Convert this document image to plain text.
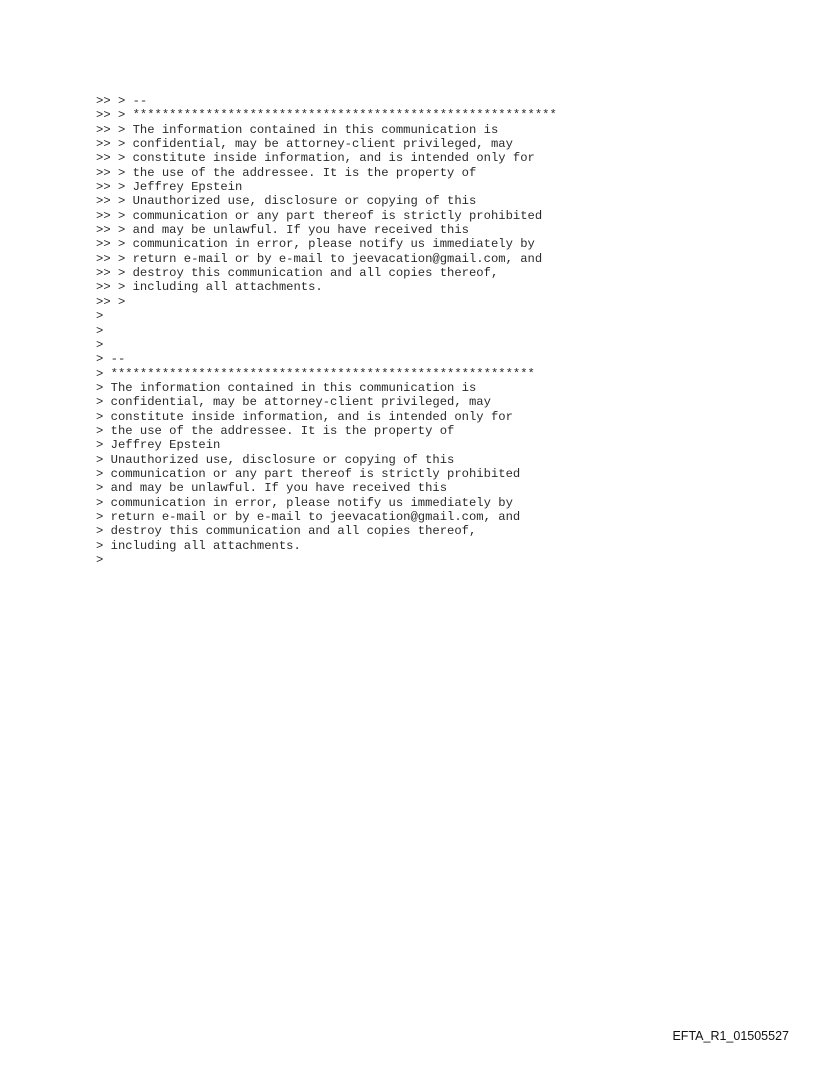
>> > --
>> > **********************************************************
>> > The information contained in this communication is
>> > confidential, may be attorney-client privileged, may
>> > constitute inside information, and is intended only for
>> > the use of the addressee. It is the property of
>> > Jeffrey Epstein
>> > Unauthorized use, disclosure or copying of this
>> > communication or any part thereof is strictly prohibited
>> > and may be unlawful. If you have received this
>> > communication in error, please notify us immediately by
>> > return e-mail or by e-mail to jeevacation@gmail.com, and
>> > destroy this communication and all copies thereof,
>> > including all attachments.
>> >
>
>
>
> --
> **********************************************************
> The information contained in this communication is
> confidential, may be attorney-client privileged, may
> constitute inside information, and is intended only for
> the use of the addressee. It is the property of
> Jeffrey Epstein
> Unauthorized use, disclosure or copying of this
> communication or any part thereof is strictly prohibited
> and may be unlawful. If you have received this
> communication in error, please notify us immediately by
> return e-mail or by e-mail to jeevacation@gmail.com, and
> destroy this communication and all copies thereof,
> including all attachments.
>
EFTA_R1_01505527
